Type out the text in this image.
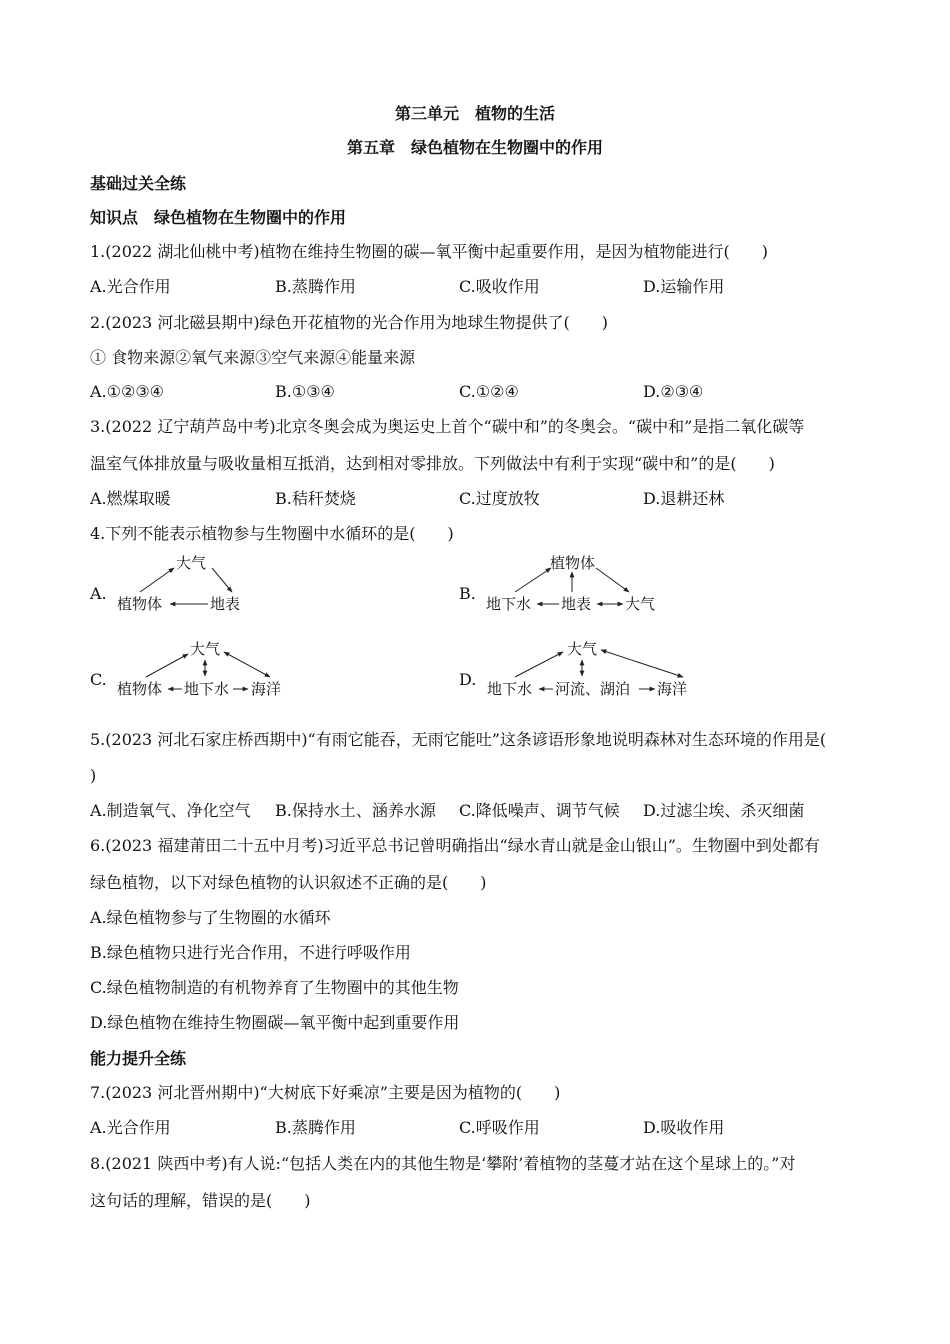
第三单元　植物的生活
第五章　绿色植物在生物圈中的作用
基础过关全练
知识点　绿色植物在生物圈中的作用
1.(2022 湖北仙桃中考)植物在维持生物圈的碳—氧平衡中起重要作用，是因为植物能进行(　　)
A.光合作用	B.蒸腾作用	C.吸收作用	D.运输作用
2.(2023 河北磁县期中)绿色开花植物的光合作用为地球生物提供了(　　)
① 食物来源②氧气来源③空气来源④能量来源
A.①②③④	B.①③④	C.①②④	D.②③④
3.(2022 辽宁葫芦岛中考)北京冬奥会成为奥运史上首个“碳中和”的冬奥会。“碳中和”是指二氧化碳等
温室气体排放量与吸收量相互抵消，达到相对零排放。下列做法中有利于实现“碳中和”的是(　　)
A.燃煤取暖	B.秸秆焚烧	C.过度放牧	D.退耕还林
4.下列不能表示植物参与生物圈中水循环的是(　　)
A.
大气
植物体	地表
B.
植物体
地下水 地表 大气
C.
大气
植物体 地下水 海洋	D.
大气
地下水 河流、湖泊 海洋
5.(2023 河北石家庄桥西期中)“有雨它能吞，无雨它能吐”这条谚语形象地说明森林对生态环境的作用是(
)
A.制造氧气、净化空气 B.保持水土、涵养水源 C.降低噪声、调节气候 D.过滤尘埃、杀灭细菌
6.(2023 福建莆田二十五中月考)习近平总书记曾明确指出“绿水青山就是金山银山”。生物圈中到处都有
绿色植物，以下对绿色植物的认识叙述不正确的是(　　)
A.绿色植物参与了生物圈的水循环
B.绿色植物只进行光合作用，不进行呼吸作用
C.绿色植物制造的有机物养育了生物圈中的其他生物
D.绿色植物在维持生物圈碳—氧平衡中起到重要作用
能力提升全练
7.(2023 河北晋州期中)“大树底下好乘凉”主要是因为植物的(　　)
A.光合作用	B.蒸腾作用	C.呼吸作用	D.吸收作用
8.(2021 陕西中考)有人说:“包括人类在内的其他生物是‘攀附’着植物的茎蔓才站在这个星球上的。”对
这句话的理解，错误的是(　　)
